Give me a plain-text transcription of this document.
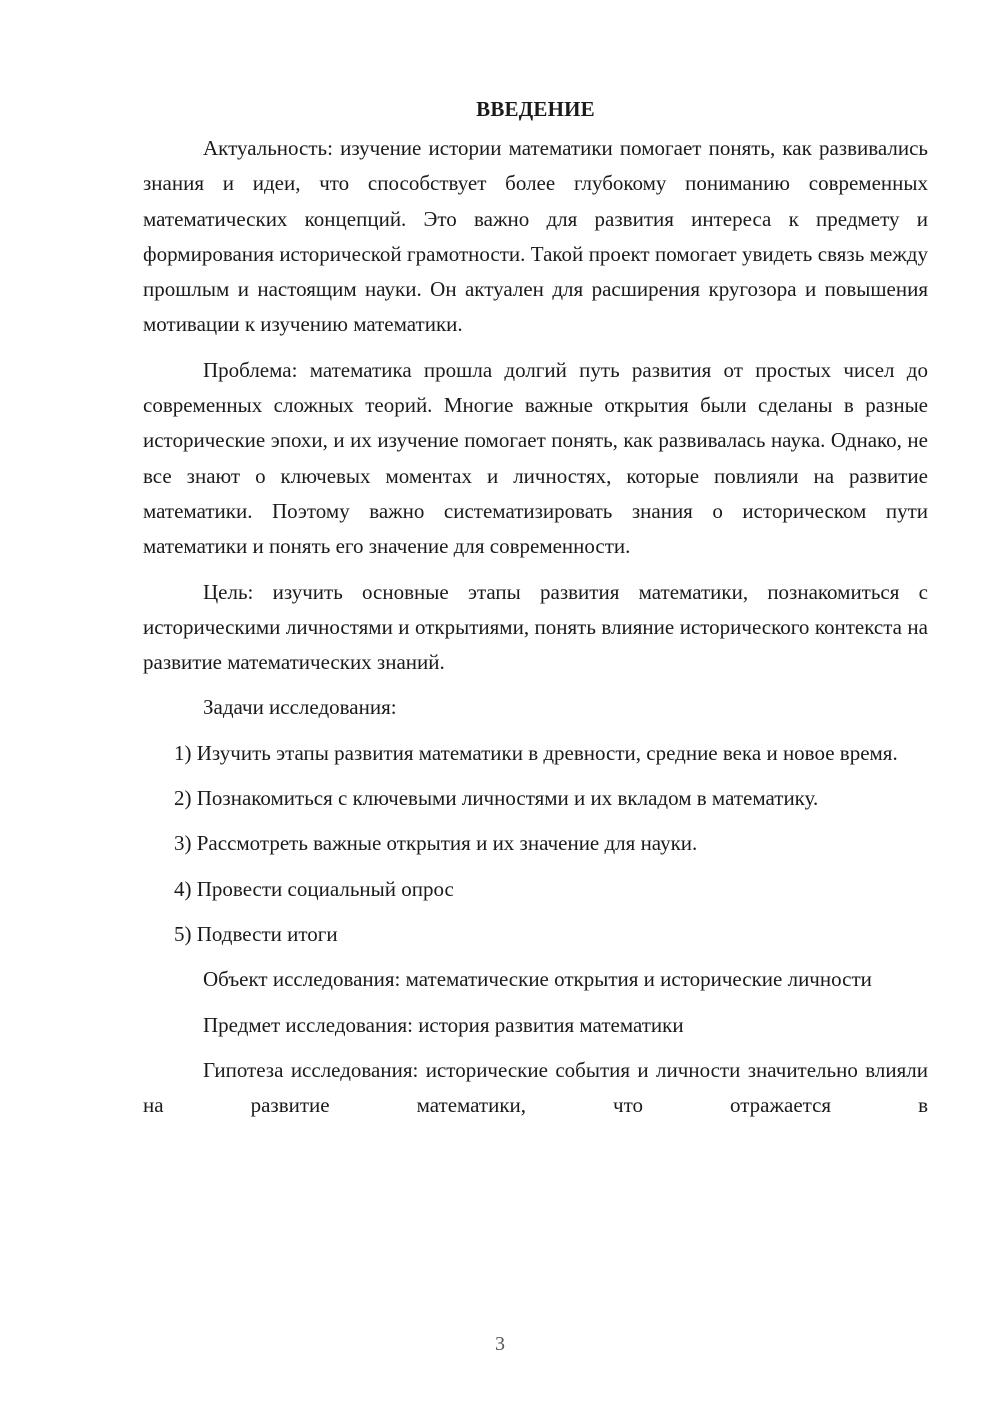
ВВЕДЕНИЕ

Актуальность: изучение истории математики помогает понять, как развивались знания и идеи, что способствует более глубокому пониманию современных математических концепций. Это важно для развития интереса к предмету и формирования исторической грамотности. Такой проект помогает увидеть связь между прошлым и настоящим науки. Он актуален для расширения кругозора и повышения мотивации к изучению математики.

Проблема: математика прошла долгий путь развития от простых чисел до современных сложных теорий. Многие важные открытия были сделаны в разные исторические эпохи, и их изучение помогает понять, как развивалась наука. Однако, не все знают о ключевых моментах и личностях, которые повлияли на развитие математики. Поэтому важно систематизировать знания о историческом пути математики и понять его значение для современности.

Цель: изучить основные этапы развития математики, познакомиться с историческими личностями и открытиями, понять влияние исторического контекста на развитие математических знаний.

Задачи исследования:

1) Изучить этапы развития математики в древности, средние века и новое время.

2) Познакомиться с ключевыми личностями и их вкладом в математику.

3) Рассмотреть важные открытия и их значение для науки.

4) Провести социальный опрос

5) Подвести итоги

Объект исследования: математические открытия и исторические личности

Предмет исследования: история развития математики

Гипотеза исследования: исторические события и личности значительно влияли на развитие математики, что отражается в

3
